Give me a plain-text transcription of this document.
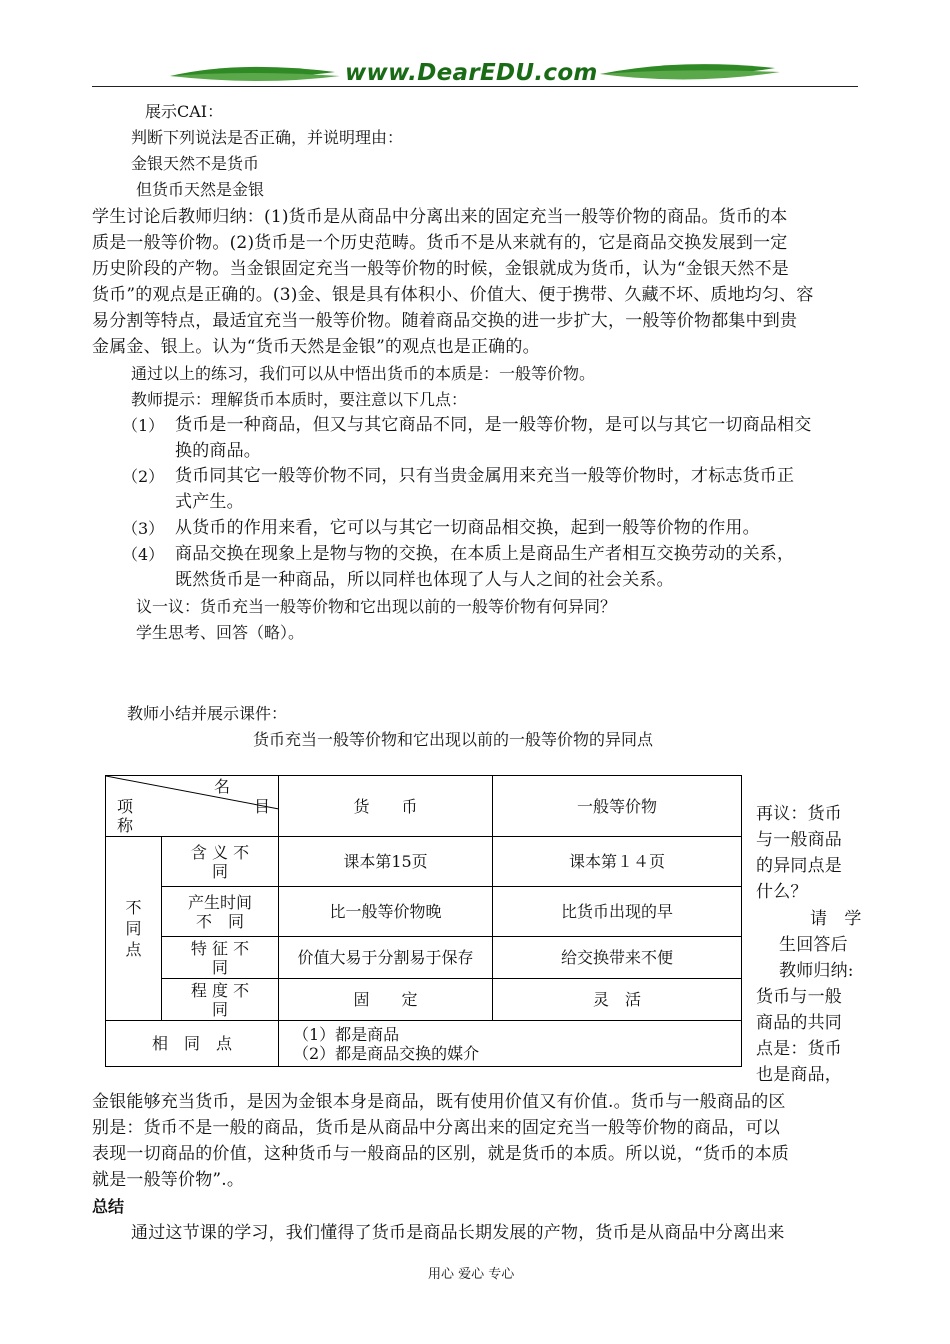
www.DearEDU.com
展示CAI：
判断下列说法是否正确，并说明理由：
金银天然不是货币
但货币天然是金银
学生讨论后教师归纳：(1)货币是从商品中分离出来的固定充当一般等价物的商品。货币的本
质是一般等价物。(2)货币是一个历史范畴。货币不是从来就有的，它是商品交换发展到一定
历史阶段的产物。当金银固定充当一般等价物的时候，金银就成为货币，认为“金银天然不是
货币”的观点是正确的。(3)金、银是具有体积小、价值大、便于携带、久藏不坏、质地均匀、容
易分割等特点，最适宜充当一般等价物。随着商品交换的进一步扩大，一般等价物都集中到贵
金属金、银上。认为“货币天然是金银”的观点也是正确的。
通过以上的练习，我们可以从中悟出货币的本质是：一般等价物。
教师提示：理解货币本质时，要注意以下几点：
（1） 货币是一种商品，但又与其它商品不同，是一般等价物，是可以与其它一切商品相交
换的商品。
（2） 货币同其它一般等价物不同，只有当贵金属用来充当一般等价物时，才标志货币正
式产生。
（3） 从货币的作用来看，它可以与其它一切商品相交换，起到一般等价物的作用。
（4） 商品交换在现象上是物与物的交换，在本质上是商品生产者相互交换劳动的关系，
既然货币是一种商品，所以同样也体现了人与人之间的社会关系。
议一议：货币充当一般等价物和它出现以前的一般等价物有何异同？
学生思考、回答（略）。
教师小结并展示课件：
货币充当一般等价物和它出现以前的一般等价物的异同点
名
目
项
称		货　　币	一般等价物

不同点	含 义 不
同	课本第15页	课本第１４页

	产生时间
不　同	比一般等价物晚	比货币出现的早

	特 征 不
同	价值大易于分割易于保存	给交换带来不便

	程 度 不
同	固　　定	灵　活
相　同　点		（1）都是商品
（2）都是商品交换的媒介	
再议：货币
与一般商品
的异同点是
什么？
请　学
生回答后
教师归纳:
货币与一般
商品的共同
点是：货币
也是商品，
金银能够充当货币，是因为金银本身是商品，既有使用价值又有价值.。货币与一般商品的区
别是：货币不是一般的商品，货币是从商品中分离出来的固定充当一般等价物的商品，可以
表现一切商品的价值，这种货币与一般商品的区别，就是货币的本质。所以说，“货币的本质
就是一般等价物”.。
总结
通过这节课的学习，我们懂得了货币是商品长期发展的产物，货币是从商品中分离出来
用心 爱心 专心
